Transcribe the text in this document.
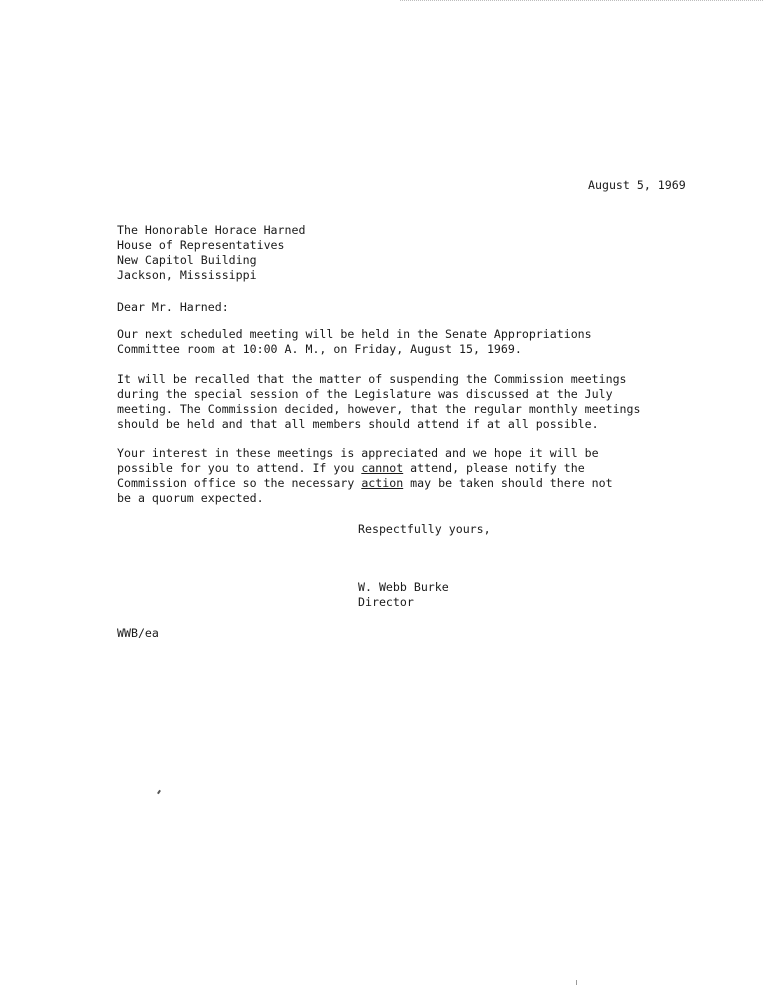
August 5, 1969
The Honorable Horace Harned
House of Representatives
New Capitol Building
Jackson, Mississippi
Dear Mr. Harned:
Our next scheduled meeting will be held in the Senate Appropriations
Committee room at 10:00 A. M., on Friday, August 15, 1969.
It will be recalled that the matter of suspending the Commission meetings
during the special session of the Legislature was discussed at the July
meeting. The Commission decided, however, that the regular monthly meetings
should be held and that all members should attend if at all possible.
Your interest in these meetings is appreciated and we hope it will be
possible for you to attend. If you cannot attend, please notify the
Commission office so the necessary action may be taken should there not
be a quorum expected.
Respectfully yours,
W. Webb Burke
Director
WWB/ea
